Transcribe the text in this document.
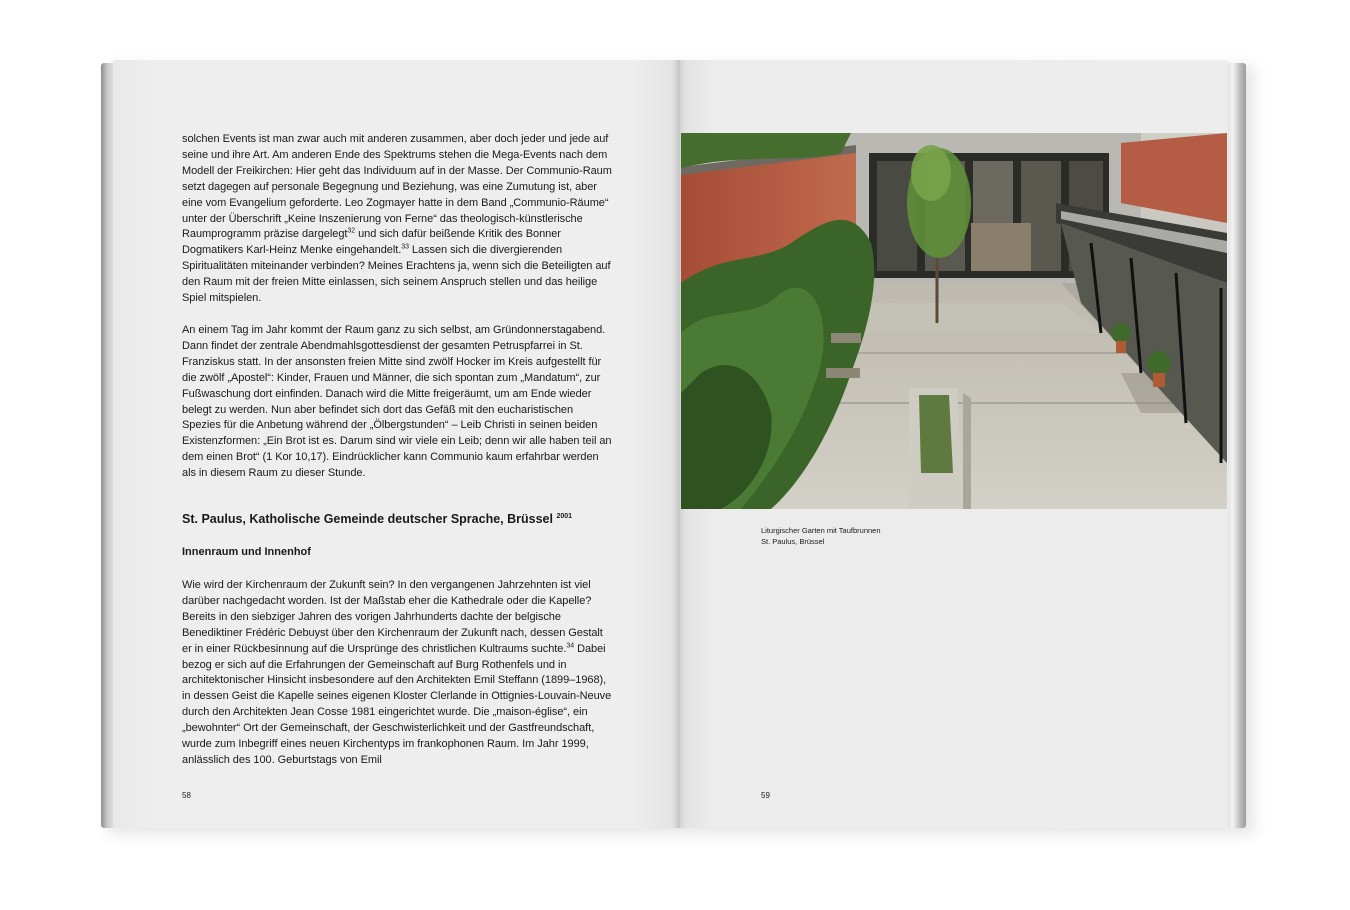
solchen Events ist man zwar auch mit anderen zusammen, aber doch jeder und jede auf seine und ihre Art. Am anderen Ende des Spektrums stehen die Mega-Events nach dem Modell der Freikirchen: Hier geht das Individuum auf in der Masse. Der Communio-Raum setzt dagegen auf personale Begegnung und Beziehung, was eine Zumutung ist, aber eine vom Evangelium geforderte. Leo Zogmayer hatte in dem Band „Communio-Räume“ unter der Überschrift „Keine Inszenierung von Ferne“ das theologisch-künstlerische Raumprogramm präzise dargelegt$^{32}$ und sich dafür beißende Kritik des Bonner Dogmatikers Karl-Heinz Menke eingehandelt.$^{33}$ Lassen sich die divergierenden Spiritualitäten miteinander verbinden? Meines Erachtens ja, wenn sich die Beteiligten auf den Raum mit der freien Mitte einlassen, sich seinem Anspruch stellen und das heilige Spiel mitspielen.
An einem Tag im Jahr kommt der Raum ganz zu sich selbst, am Gründonnerstagabend. Dann findet der zentrale Abendmahlsgottesdienst der gesamten Petruspfarrei in St. Franziskus statt. In der ansonsten freien Mitte sind zwölf Hocker im Kreis aufgestellt für die zwölf „Apostel“: Kinder, Frauen und Männer, die sich spontan zum „Mandatum“, zur Fußwaschung dort einfinden. Danach wird die Mitte freigeräumt, um am Ende wieder belegt zu werden. Nun aber befindet sich dort das Gefäß mit den eucharistischen Spezies für die Anbetung während der „Ölbergstunden“ – Leib Christi in seinen beiden Existenzformen: „Ein Brot ist es. Darum sind wir viele ein Leib; denn wir alle haben teil an dem einen Brot“ (1 Kor 10,17). Eindrücklicher kann Communio kaum erfahrbar werden als in diesem Raum zu dieser Stunde.
St. Paulus, Katholische Gemeinde deutscher Sprache, Brüssel $^{2001}$
Innenraum und Innenhof
Wie wird der Kirchenraum der Zukunft sein? In den vergangenen Jahrzehnten ist viel darüber nachgedacht worden. Ist der Maßstab eher die Kathedrale oder die Kapelle? Bereits in den siebziger Jahren des vorigen Jahrhunderts dachte der belgische Benediktiner Frédéric Debuyst über den Kirchenraum der Zukunft nach, dessen Gestalt er in einer Rückbesinnung auf die Ursprünge des christlichen Kultraums suchte.$^{34}$ Dabei bezog er sich auf die Erfahrungen der Gemeinschaft auf Burg Rothenfels und in architektonischer Hinsicht insbesondere auf den Architekten Emil Steffann (1899–1968), in dessen Geist die Kapelle seines eigenen Kloster Clerlande in Ottignies-Louvain-Neuve durch den Architekten Jean Cosse 1981 eingerichtet wurde. Die „maison-église“, ein „bewohnter“ Ort der Gemeinschaft, der Geschwisterlichkeit und der Gastfreundschaft, wurde zum Inbegriff eines neuen Kirchentyps im frankophonen Raum. Im Jahr 1999, anlässlich des 100. Geburtstags von Emil
58
Liturgischer Garten mit Taufbrunnen
St. Paulus, Brüssel
59
